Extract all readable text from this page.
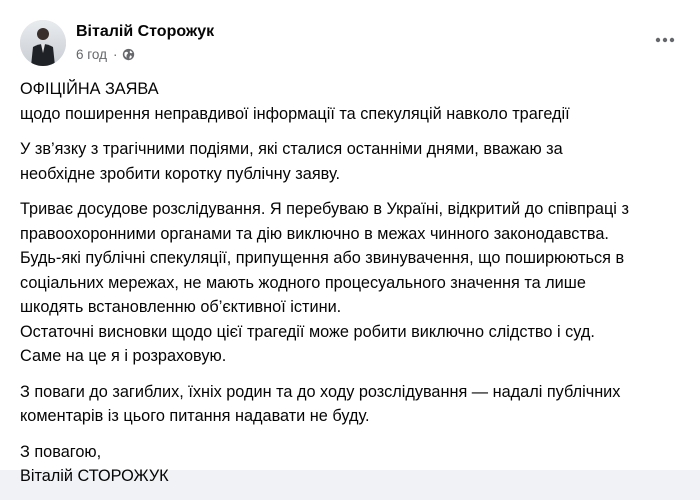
Віталій Сторожук
6 год ·

ОФІЦІЙНА ЗАЯВА
щодо поширення неправдивої інформації та спекуляцій навколо трагедії

У зв’язку з трагічними подіями, які сталися останніми днями, вважаю за
необхідне зробити коротку публічну заяву.

Триває досудове розслідування. Я перебуваю в Україні, відкритий до співпраці з
правоохоронними органами та дію виключно в межах чинного законодавства.
Будь-які публічні спекуляції, припущення або звинувачення, що поширюються в
соціальних мережах, не мають жодного процесуального значення та лише
шкодять встановленню об’єктивної істини.
Остаточні висновки щодо цієї трагедії може робити виключно слідство і суд.
Саме на це я і розраховую.

З поваги до загиблих, їхніх родин та до ходу розслідування — надалі публічних
коментарів із цього питання надавати не буду.

З повагою,
Віталій СТОРОЖУК
